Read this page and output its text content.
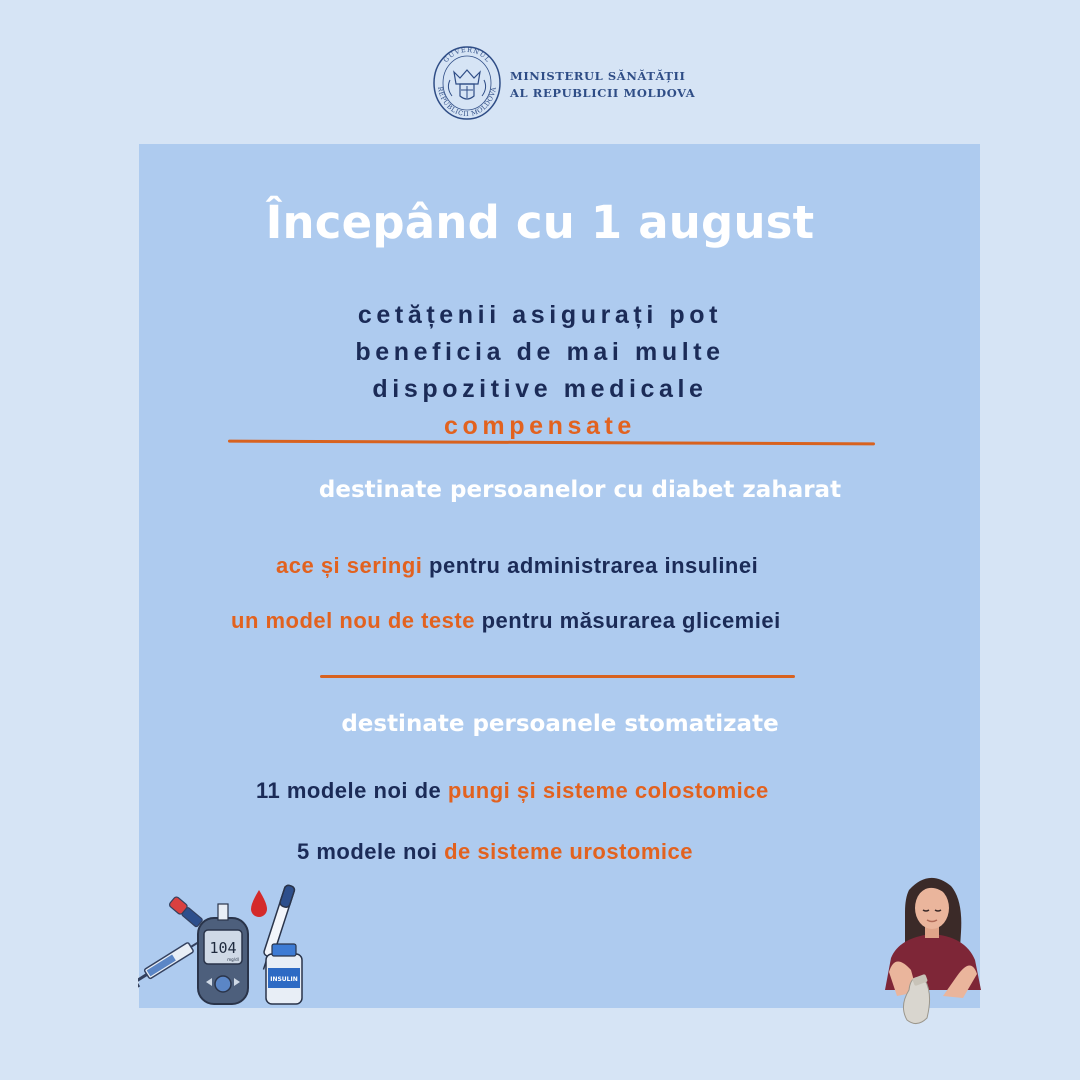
GUVERNUL
REPUBLICII MOLDOVA
MINISTERUL SĂNĂTĂȚII
AL REPUBLICII MOLDOVA
Începând cu 1 august
cetățenii asigurați pot
beneficia de mai multe
dispozitive medicale
compensate
destinate persoanelor cu diabet zaharat
ace și seringi pentru administrarea insulinei
un model nou de teste pentru măsurarea glicemiei
destinate persoanele stomatizate
11 modele noi de pungi și sisteme colostomice
5 modele noi de sisteme urostomice
104
mg/dl
INSULIN
